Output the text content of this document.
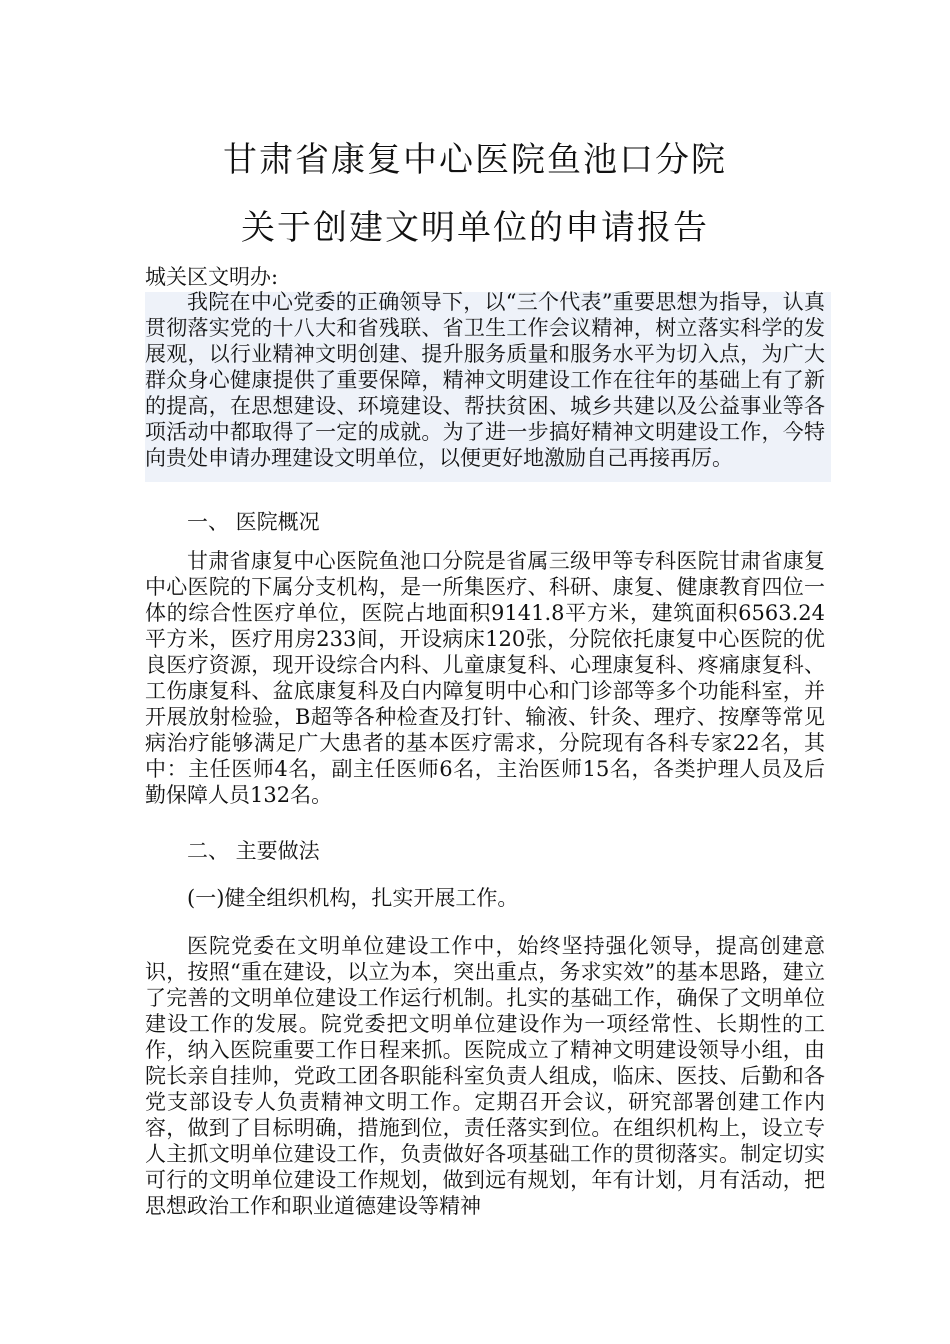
甘肃省康复中心医院鱼池口分院
关于创建文明单位的申请报告

城关区文明办:

我院在中心党委的正确领导下，以“三个代表”重要思想为指导，认真贯彻落实党的十八大和省残联、省卫生工作会议精神，树立落实科学的发展观，以行业精神文明创建、提升服务质量和服务水平为切入点，为广大群众身心健康提供了重要保障，精神文明建设工作在往年的基础上有了新的提高，在思想建设、环境建设、帮扶贫困、城乡共建以及公益事业等各项活动中都取得了一定的成就。为了进一步搞好精神文明建设工作，今特向贵处申请办理建设文明单位，以便更好地激励自己再接再厉。

一、 医院概况

甘肃省康复中心医院鱼池口分院是省属三级甲等专科医院甘肃省康复中心医院的下属分支机构，是一所集医疗、科研、康复、健康教育四位一体的综合性医疗单位，医院占地面积9141.8平方米，建筑面积6563.24平方米，医疗用房233间，开设病床120张，分院依托康复中心医院的优良医疗资源，现开设综合内科、儿童康复科、心理康复科、疼痛康复科、工伤康复科、盆底康复科及白内障复明中心和门诊部等多个功能科室，并开展放射检验，B超等各种检查及打针、输液、针灸、理疗、按摩等常见病治疗能够满足广大患者的基本医疗需求，分院现有各科专家22名，其中：主任医师4名，副主任医师6名，主治医师15名，各类护理人员及后勤保障人员132名。

二、 主要做法

(一)健全组织机构，扎实开展工作。

医院党委在文明单位建设工作中，始终坚持强化领导，提高创建意识，按照“重在建设，以立为本，突出重点，务求实效”的基本思路，建立了完善的文明单位建设工作运行机制。扎实的基础工作，确保了文明单位建设工作的发展。院党委把文明单位建设作为一项经常性、长期性的工作，纳入医院重要工作日程来抓。医院成立了精神文明建设领导小组，由院长亲自挂帅，党政工团各职能科室负责人组成，临床、医技、后勤和各党支部设专人负责精神文明工作。定期召开会议，研究部署创建工作内容，做到了目标明确，措施到位，责任落实到位。在组织机构上，设立专人主抓文明单位建设工作，负责做好各项基础工作的贯彻落实。制定切实可行的文明单位建设工作规划，做到远有规划，年有计划，月有活动，把思想政治工作和职业道德建设等精神
